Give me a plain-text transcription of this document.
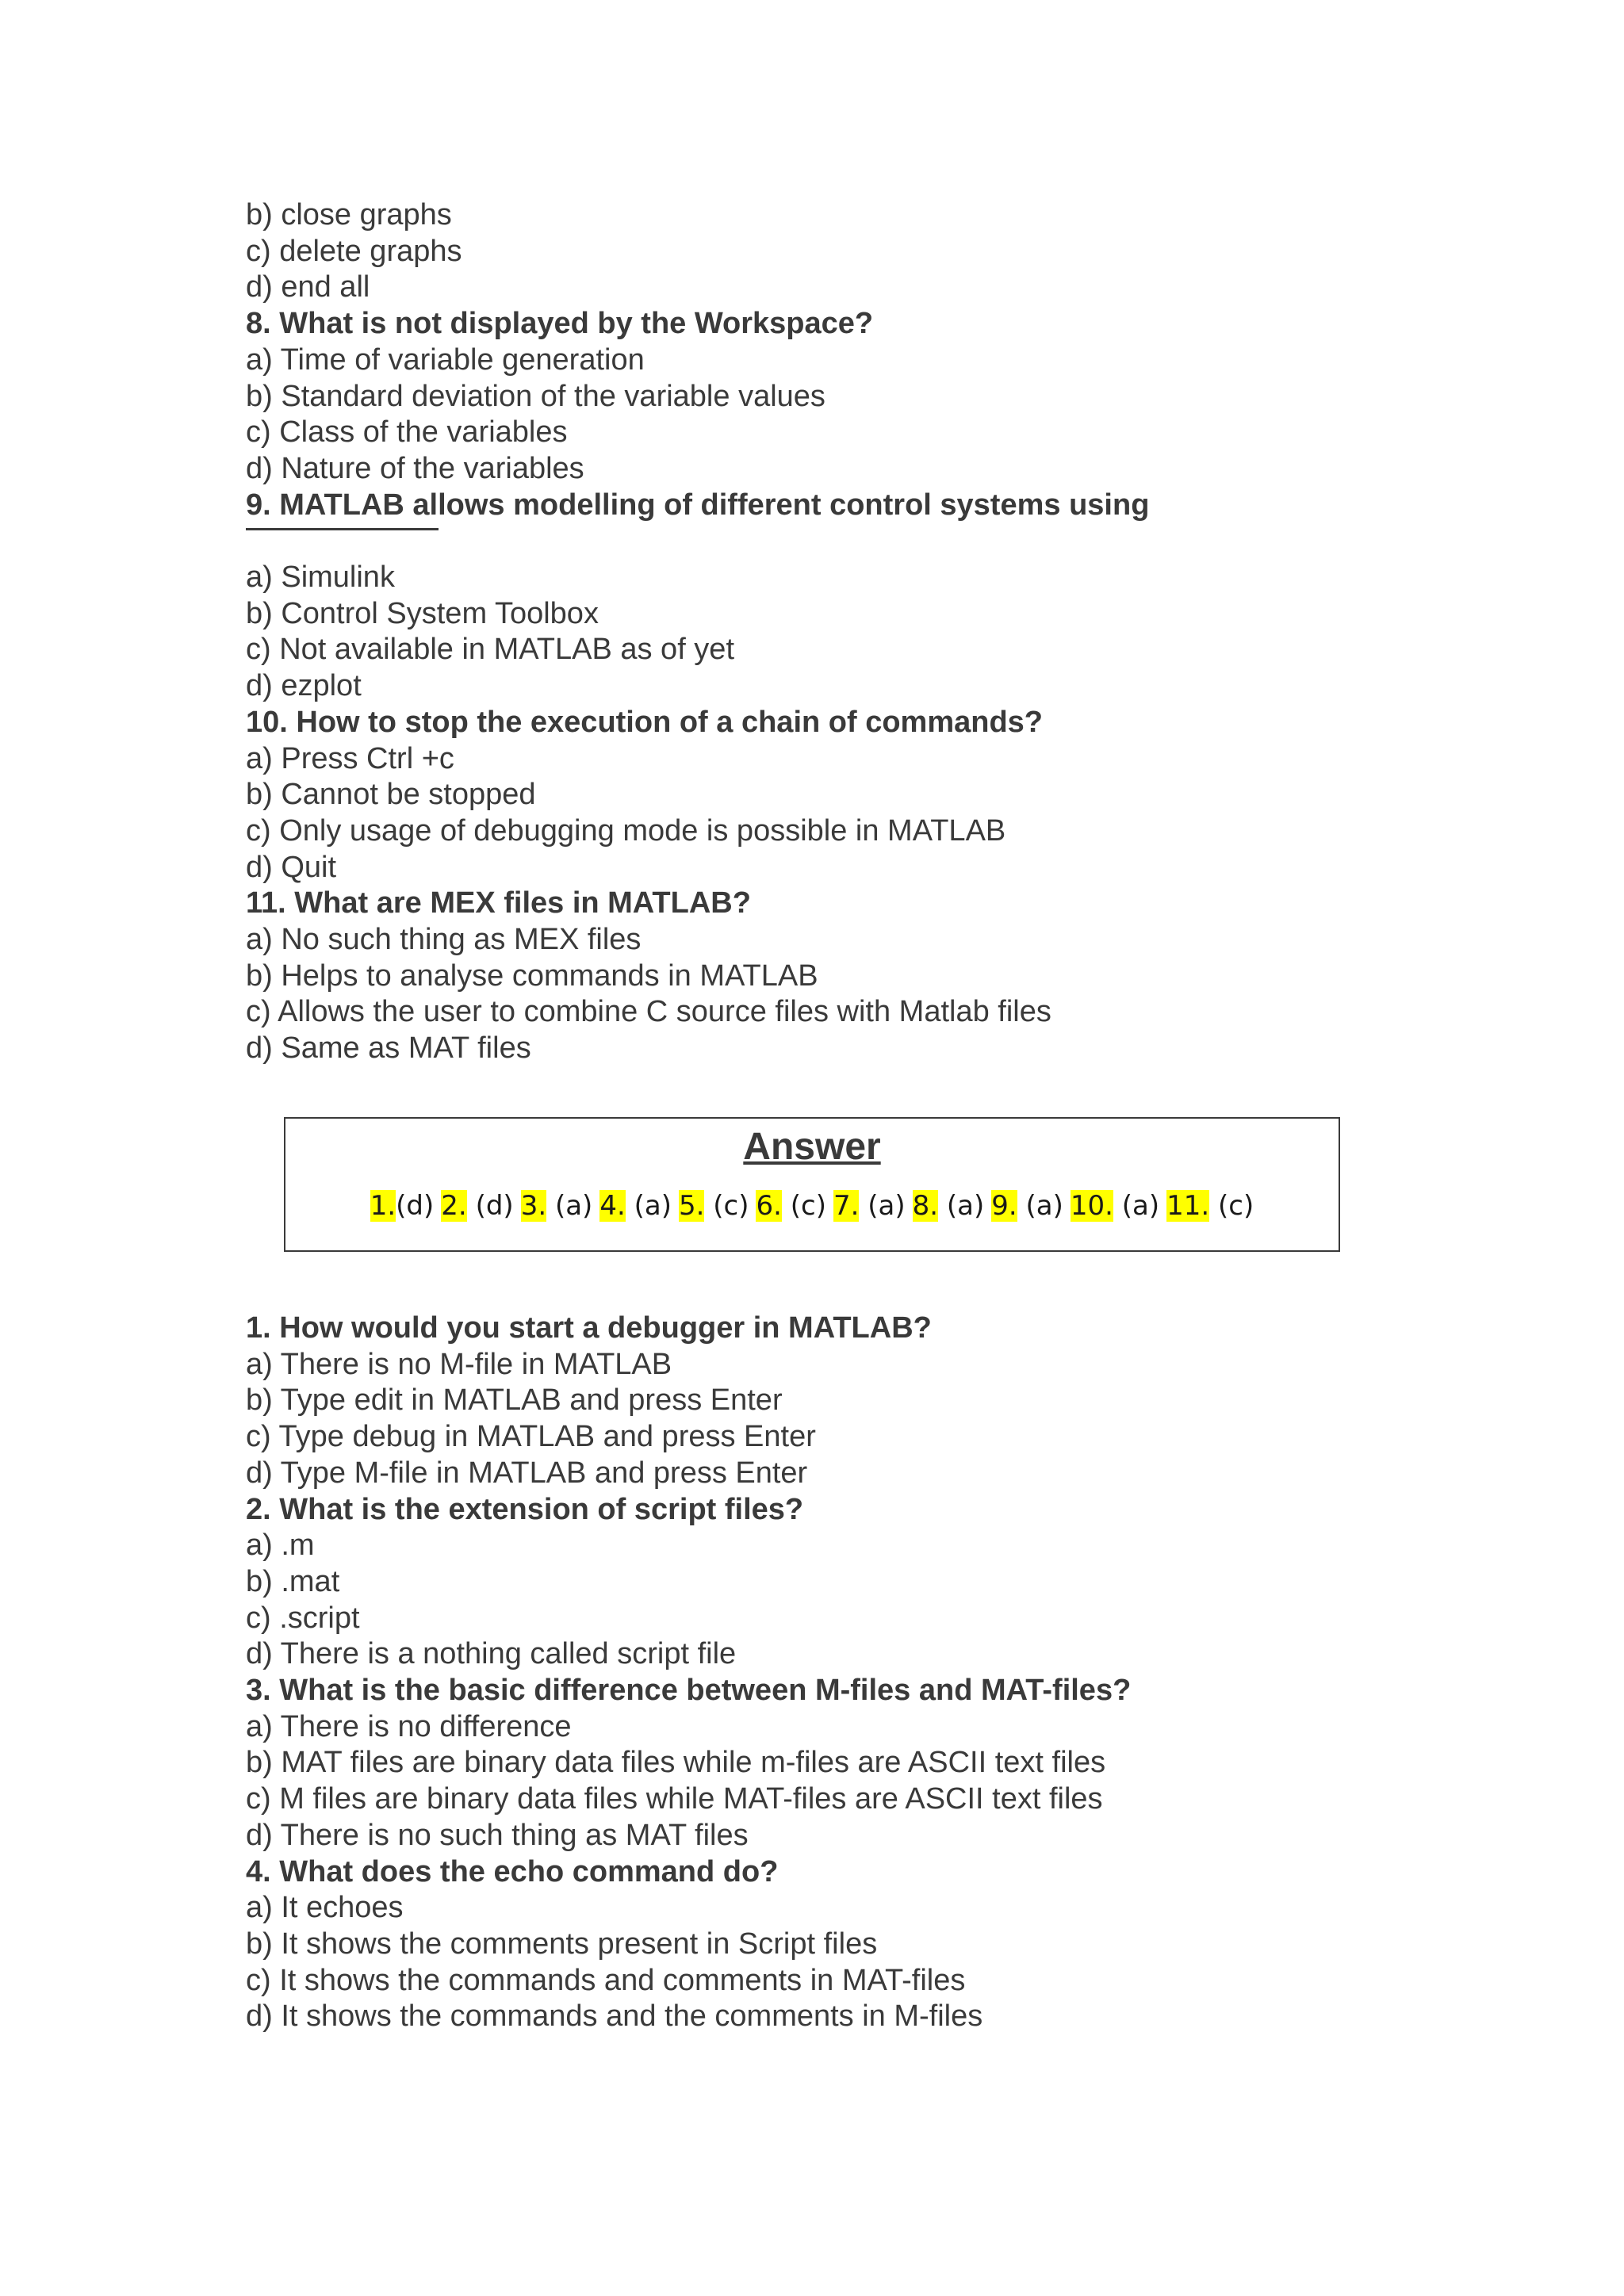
b) close graphs
c) delete graphs
d) end all
8. What is not displayed by the Workspace?
a) Time of variable generation
b) Standard deviation of the variable values
c) Class of the variables
d) Nature of the variables
9. MATLAB allows modelling of different control systems using
a) Simulink
b) Control System Toolbox
c) Not available in MATLAB as of yet
d) ezplot
10. How to stop the execution of a chain of commands?
a) Press Ctrl +c
b) Cannot be stopped
c) Only usage of debugging mode is possible in MATLAB
d) Quit
11. What are MEX files in MATLAB?
a) No such thing as MEX files
b) Helps to analyse commands in MATLAB
c) Allows the user to combine C source files with Matlab files
d) Same as MAT files
Answer
1.(d) 2. (d) 3. (a) 4. (a) 5. (c) 6. (c) 7. (a) 8. (a) 9. (a) 10. (a) 11. (c)
1. How would you start a debugger in MATLAB?
a) There is no M-file in MATLAB
b) Type edit in MATLAB and press Enter
c) Type debug in MATLAB and press Enter
d) Type M-file in MATLAB and press Enter
2. What is the extension of script files?
a) .m
b) .mat
c) .script
d) There is a nothing called script file
3. What is the basic difference between M-files and MAT-files?
a) There is no difference
b) MAT files are binary data files while m-files are ASCII text files
c) M files are binary data files while MAT-files are ASCII text files
d) There is no such thing as MAT files
4. What does the echo command do?
a) It echoes
b) It shows the comments present in Script files
c) It shows the commands and comments in MAT-files
d) It shows the commands and the comments in M-files
